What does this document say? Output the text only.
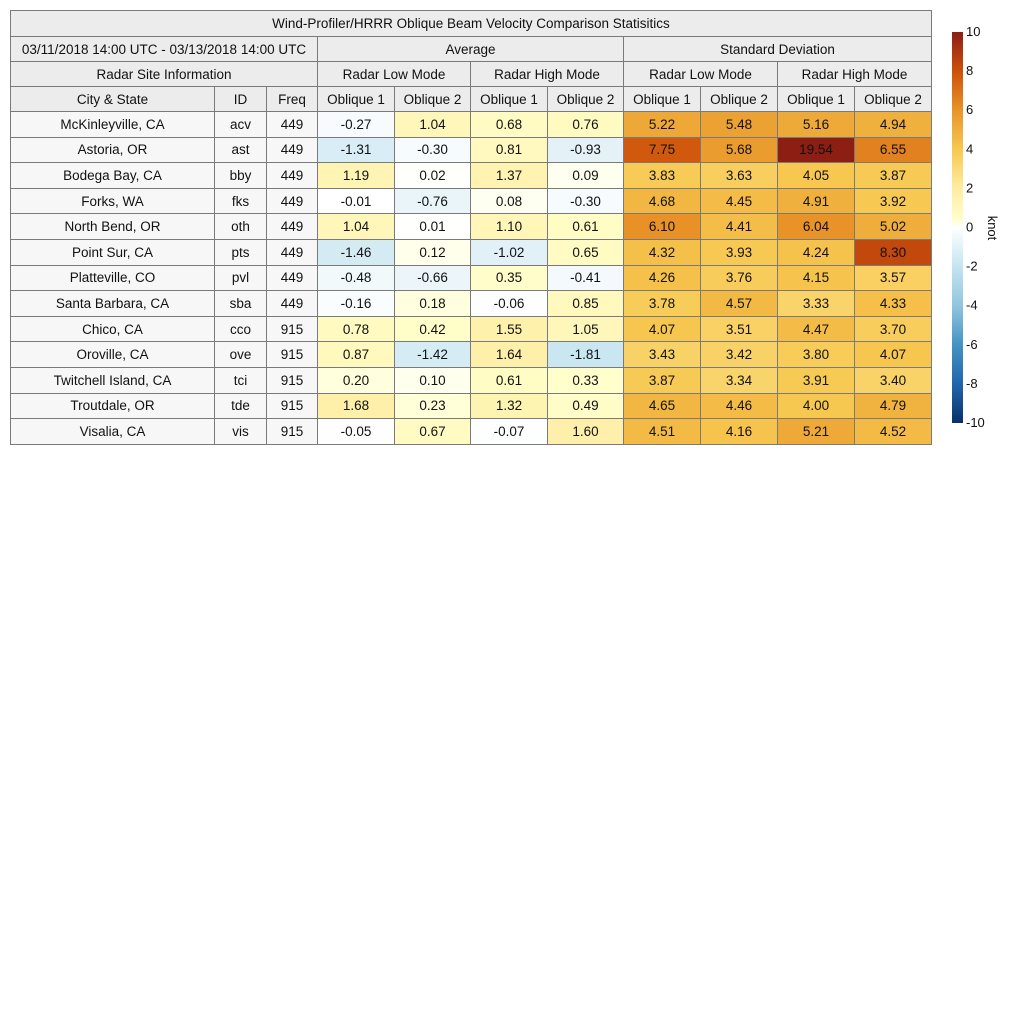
Wind-Profiler/HRRR Oblique Beam Velocity Comparison Statisitics										
03/11/2018 14:00 UTC - 03/13/2018 14:00 UTC			Average				Standard Deviation			
Radar Site Information			Radar Low Mode		Radar High Mode		Radar Low Mode		Radar High Mode	
City & State	ID	Freq	Oblique 1	Oblique 2	Oblique 1	Oblique 2	Oblique 1	Oblique 2	Oblique 1	Oblique 2
McKinleyville, CA	acv	449	-0.27	1.04	0.68	0.76	5.22	5.48	5.16	4.94
Astoria, OR	ast	449	-1.31	-0.30	0.81	-0.93	7.75	5.68	19.54	6.55
Bodega Bay, CA	bby	449	1.19	0.02	1.37	0.09	3.83	3.63	4.05	3.87
Forks, WA	fks	449	-0.01	-0.76	0.08	-0.30	4.68	4.45	4.91	3.92
North Bend, OR	oth	449	1.04	0.01	1.10	0.61	6.10	4.41	6.04	5.02
Point Sur, CA	pts	449	-1.46	0.12	-1.02	0.65	4.32	3.93	4.24	8.30
Platteville, CO	pvl	449	-0.48	-0.66	0.35	-0.41	4.26	3.76	4.15	3.57
Santa Barbara, CA	sba	449	-0.16	0.18	-0.06	0.85	3.78	4.57	3.33	4.33
Chico, CA	cco	915	0.78	0.42	1.55	1.05	4.07	3.51	4.47	3.70
Oroville, CA	ove	915	0.87	-1.42	1.64	-1.81	3.43	3.42	3.80	4.07
Twitchell Island, CA	tci	915	0.20	0.10	0.61	0.33	3.87	3.34	3.91	3.40
Troutdale, OR	tde	915	1.68	0.23	1.32	0.49	4.65	4.46	4.00	4.79
Visalia, CA	vis	915	-0.05	0.67	-0.07	1.60	4.51	4.16	5.21	4.52
10
8
6
4
2
0
-2
-4
-6
-8
-10
knot
